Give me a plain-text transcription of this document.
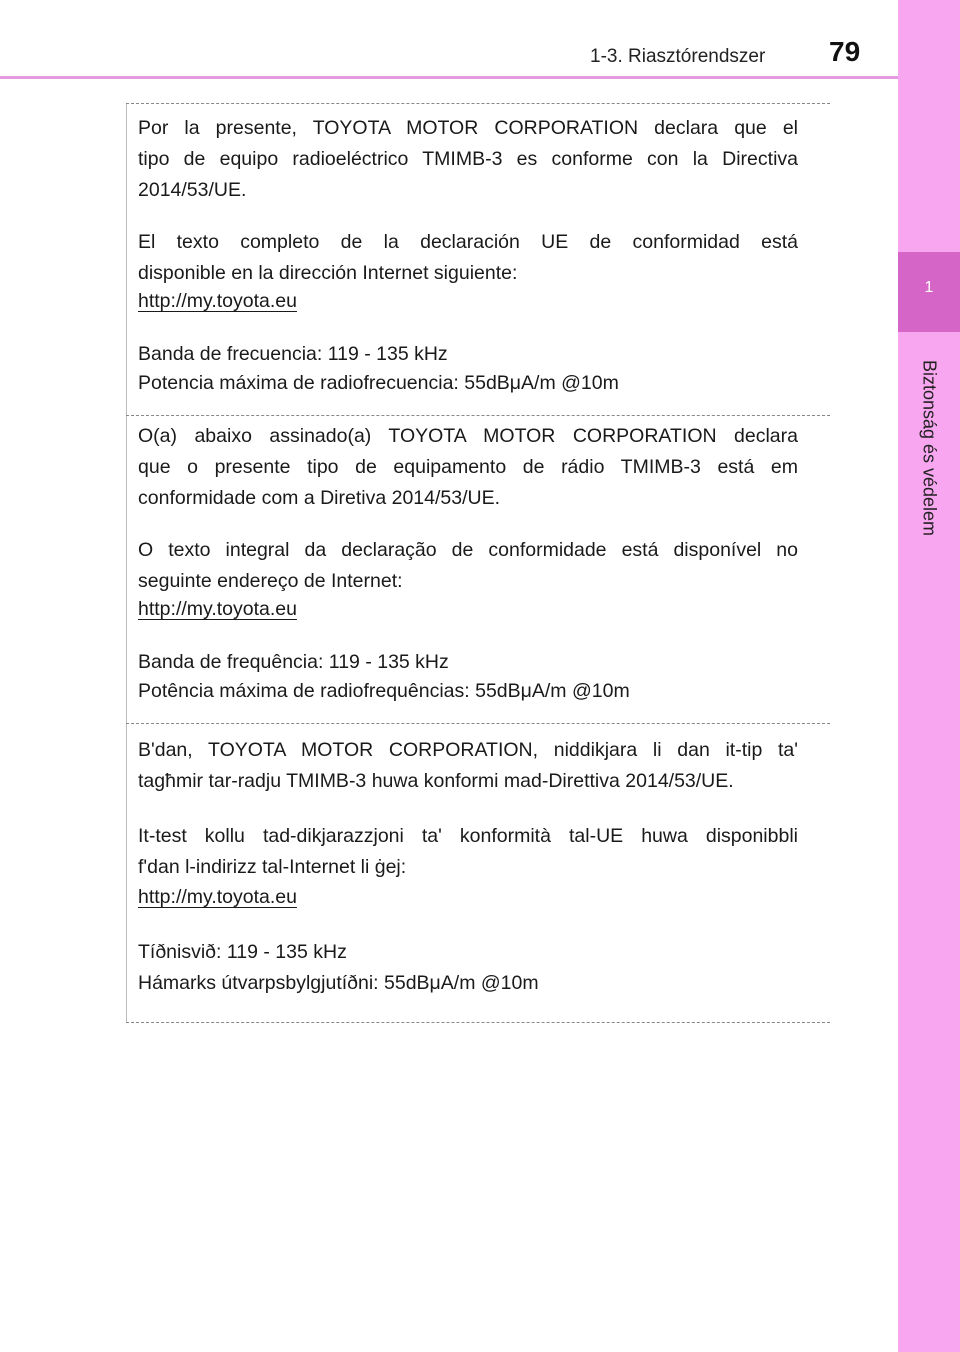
1
Biztonság és védelem
1-3. Riasztórendszer 79

Por la presente, TOYOTA MOTOR CORPORATION declara que el

tipo de equipo radioeléctrico TMIMB-3 es conforme con la Directiva

2014/53/UE.

El texto completo de la declaración UE de conformidad está

disponible en la dirección Internet siguiente:

http://my.toyota.eu

Banda de frecuencia: 119 - 135 kHz

Potencia máxima de radiofrecuencia: 55dBμA/m @10m

O(a) abaixo assinado(a) TOYOTA MOTOR CORPORATION declara

que o presente tipo de equipamento de rádio TMIMB-3 está em

conformidade com a Diretiva 2014/53/UE.

O texto integral da declaração de conformidade está disponível no

seguinte endereço de Internet:

http://my.toyota.eu

Banda de frequência: 119 - 135 kHz

Potência máxima de radiofrequências: 55dBμA/m @10m

B'dan, TOYOTA MOTOR CORPORATION, niddikjara li dan it-tip ta'

tagħmir tar-radju TMIMB-3 huwa konformi mad-Direttiva 2014/53/UE.

It-test kollu tad-dikjarazzjoni ta' konformità tal-UE huwa disponibbli

f'dan l-indirizz tal-Internet li ġej:

http://my.toyota.eu

Tíðnisvið: 119 - 135 kHz

Hámarks útvarpsbylgjutíðni: 55dBμA/m @10m
